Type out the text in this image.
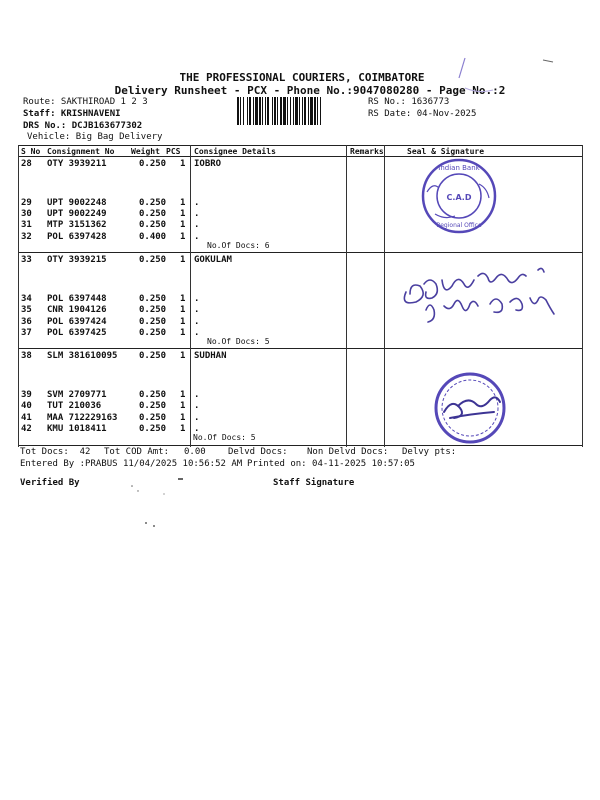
THE PROFESSIONAL COURIERS, COIMBATORE
Delivery Runsheet - PCX - Phone No.:9047080280 - Page No.:2
Route: SAKTHIROAD 1 2 3
Staff: KRISHNAVENI
DRS No.: DCJB163677302
Vehicle: Big Bag Delivery
RS No.: 1636773
RS Date: 04-Nov-2025
S No Consignment No Weight PCS Consignee Details	Remarks	Seal & Signature
28 OTY 3939211	0.250 1 IOBRO
29 UPT 9002248	0.250 1 .
30 UPT 9002249	0.250 1 .
31 MTP 3151362	0.250 1 .
32 POL 6397428	0.400 1 .
33 OTY 3939215	0.250 1 GOKULAM
34 POL 6397448	0.250 1 .
35 CNR 1904126	0.250 1 .
36 POL 6397424	0.250 1 .
37 POL 6397425	0.250 1 .
38 SLM 381610095 0.250 1 SUDHAN
39 SVM 2709771	0.250 1 .
40 TUT 210036	0.250 1 .
41 MAA 712229163 0.250 1 .
42 KMU 1018411	0.250 1 .
No.Of Docs: 6
No.Of Docs: 5
No.Of Docs: 5
Tot Docs:  42 Tot COD Amt: 0.00 Delvd Docs: Non Delvd Docs: Delvy pts:
Entered By :PRABUS 11/04/2025 10:56:52 AM Printed on: 04-11-2025 10:57:05
Verified By	Staff Signature
Indian Bank
C.A.D
Regional Office
